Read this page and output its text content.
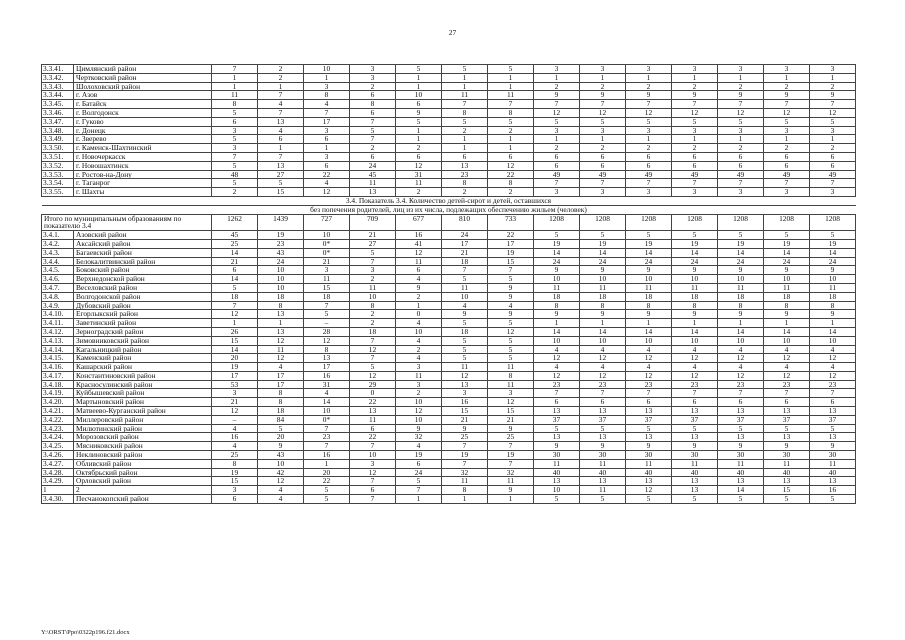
27
3.3.41.	Цимлянский район	7	2	10	3	5	5	5	3	3	3	3	3	3	3
3.3.42.	Чертковский район	1	2	1	3	1	1	1	1	1	1	1	1	1	1
3.3.43.	Шолоховский район	1	1	3	2	1	1	1	2	2	2	2	2	2	2
3.3.44.	г. Азов	11	7	8	6	10	11	11	9	9	9	9	9	9	9
3.3.45.	г. Батайск	8	4	4	8	6	7	7	7	7	7	7	7	7	7
3.3.46.	г. Волгодонск	5	7	7	6	9	8	8	12	12	12	12	12	12	12
3.3.47.	г. Гуково	6	13	17	7	5	5	5	5	5	5	5	5	5	5
3.3.48.	г. Донецк	3	4	3	5	1	2	2	3	3	3	3	3	3	3
3.3.49.	г. Зверево	5	6	6	7	1	1	1	1	1	1	1	1	1	1
3.3.50.	г. Каменск-Шахтинский	3	1	1	2	2	1	1	2	2	2	2	2	2	2
3.3.51.	г. Новочеркасск	7	7	3	6	6	6	6	6	6	6	6	6	6	6
3.3.52.	г. Новошахтинск	5	13	6	24	12	13	12	6	6	6	6	6	6	6
3.3.53.	г. Ростов-на-Дону	48	27	22	45	31	23	22	49	49	49	49	49	49	49
3.3.54.	г. Таганрог	5	5	4	11	11	8	8	7	7	7	7	7	7	7
3.3.55.	г. Шахты	2	15	12	13	2	2	2	3	3	3	3	3	3	3
3.4. Показатель 3.4. Количество детей-сирот и детей, оставшихся															
без попечения родителей, лиц из их числа, подлежащих обеспечению жильем (человек)															
Итого по муниципальным образованиям по показателю 3.4		1262	1439	727	709	677	810	733	1208	1208	1208	1208	1208	1208	1208
3.4.1.	Азовский район	45	19	10	21	16	24	22	5	5	5	5	5	5	5
3.4.2.	Аксайский район	25	23	0*	27	41	17	17	19	19	19	19	19	19	19
3.4.3.	Багаевский район	14	43	0*	5	12	21	19	14	14	14	14	14	14	14
3.4.4.	Белокалитвинский район	21	24	21	7	11	18	15	24	24	24	24	24	24	24
3.4.5.	Боковский район	6	10	3	3	6	7	7	9	9	9	9	9	9	9
3.4.6.	Верхнедонской район	14	10	11	2	4	5	5	10	10	10	10	10	10	10
3.4.7.	Веселовский район	5	10	15	11	9	11	9	11	11	11	11	11	11	11
3.4.8.	Волгодонской район	18	18	18	10	2	10	9	18	18	18	18	18	18	18
3.4.9.	Дубовский район	7	8	7	8	1	4	4	8	8	8	8	8	8	8
3.4.10.	Егорлыкский район	12	13	5	2	0	9	9	9	9	9	9	9	9	9
3.4.11.	Заветинский район	1	1	–	2	4	5	5	1	1	1	1	1	1	1
3.4.12.	Зерноградский район	26	13	28	18	10	18	12	14	14	14	14	14	14	14
3.4.13.	Зимовниковский район	15	12	12	7	4	5	5	10	10	10	10	10	10	10
3.4.14.	Кагальницкий район	14	11	8	12	2	5	5	4	4	4	4	4	4	4
3.4.15.	Каменский район	20	12	13	7	4	5	5	12	12	12	12	12	12	12
3.4.16.	Кашарский район	19	4	17	5	3	11	11	4	4	4	4	4	4	4
3.4.17.	Константиновский район	17	17	16	12	11	12	8	12	12	12	12	12	12	12
3.4.18.	Красносулинский район	53	17	31	29	3	13	11	23	23	23	23	23	23	23
3.4.19.	Куйбышевский район	3	8	4	0	2	3	3	7	7	7	7	7	7	7
3.4.20.	Мартыновский район	21	8	14	22	10	16	12	6	6	6	6	6	6	6
3.4.21.	Матвеево-Курганский район	12	18	10	13	12	15	15	13	13	13	13	13	13	13
3.4.22.	Миллеровский район	–	84	0*	11	10	21	21	37	37	37	37	37	37	37
3.4.23.	Милютинский район	4	5	7	6	9	9	9	5	5	5	5	5	5	5
3.4.24.	Морозовский район	16	20	23	22	32	25	25	13	13	13	13	13	13	13
3.4.25.	Мясниковский район	4	9	7	7	4	7	7	9	9	9	9	9	9	9
3.4.26.	Неклиновский район	25	43	16	10	19	19	19	30	30	30	30	30	30	30
3.4.27.	Обливский район	8	10	1	3	6	7	7	11	11	11	11	11	11	11
3.4.28.	Октябрьский район	19	42	20	12	24	32	32	40	40	40	40	40	40	40
3.4.29.	Орловский район	15	12	22	7	5	11	11	13	13	13	13	13	13	13
1	2	3	4	5	6	7	8	9	10	11	12	13	14	15	16
3.4.30.	Песчанокопский район	6	4	5	7	1	1	1	5	5	5	5	5	5	5
Y:\ORST\Ppo\0322p196.f21.docx
